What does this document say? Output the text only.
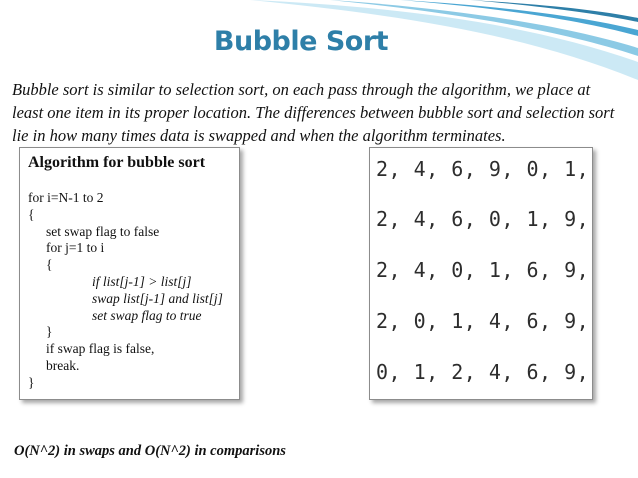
Bubble Sort
Bubble sort is similar to selection sort, on each pass through the algorithm, we place at least one item in its proper location. The differences between bubble sort and selection sort lie in how many times data is swapped and when the algorithm terminates.
Algorithm for bubble sort
for i=N-1 to 2
{
set swap flag to false
for j=1 to i
{
if list[j-1] > list[j]
swap list[j-1] and list[j]
set swap flag to true
}
if swap flag is false,
break.
}
2, 4, 6, 9, 0, 1,
2, 4, 6, 0, 1, 9,
2, 4, 0, 1, 6, 9,
2, 0, 1, 4, 6, 9,
0, 1, 2, 4, 6, 9,
O(N^2) in swaps and O(N^2) in comparisons
